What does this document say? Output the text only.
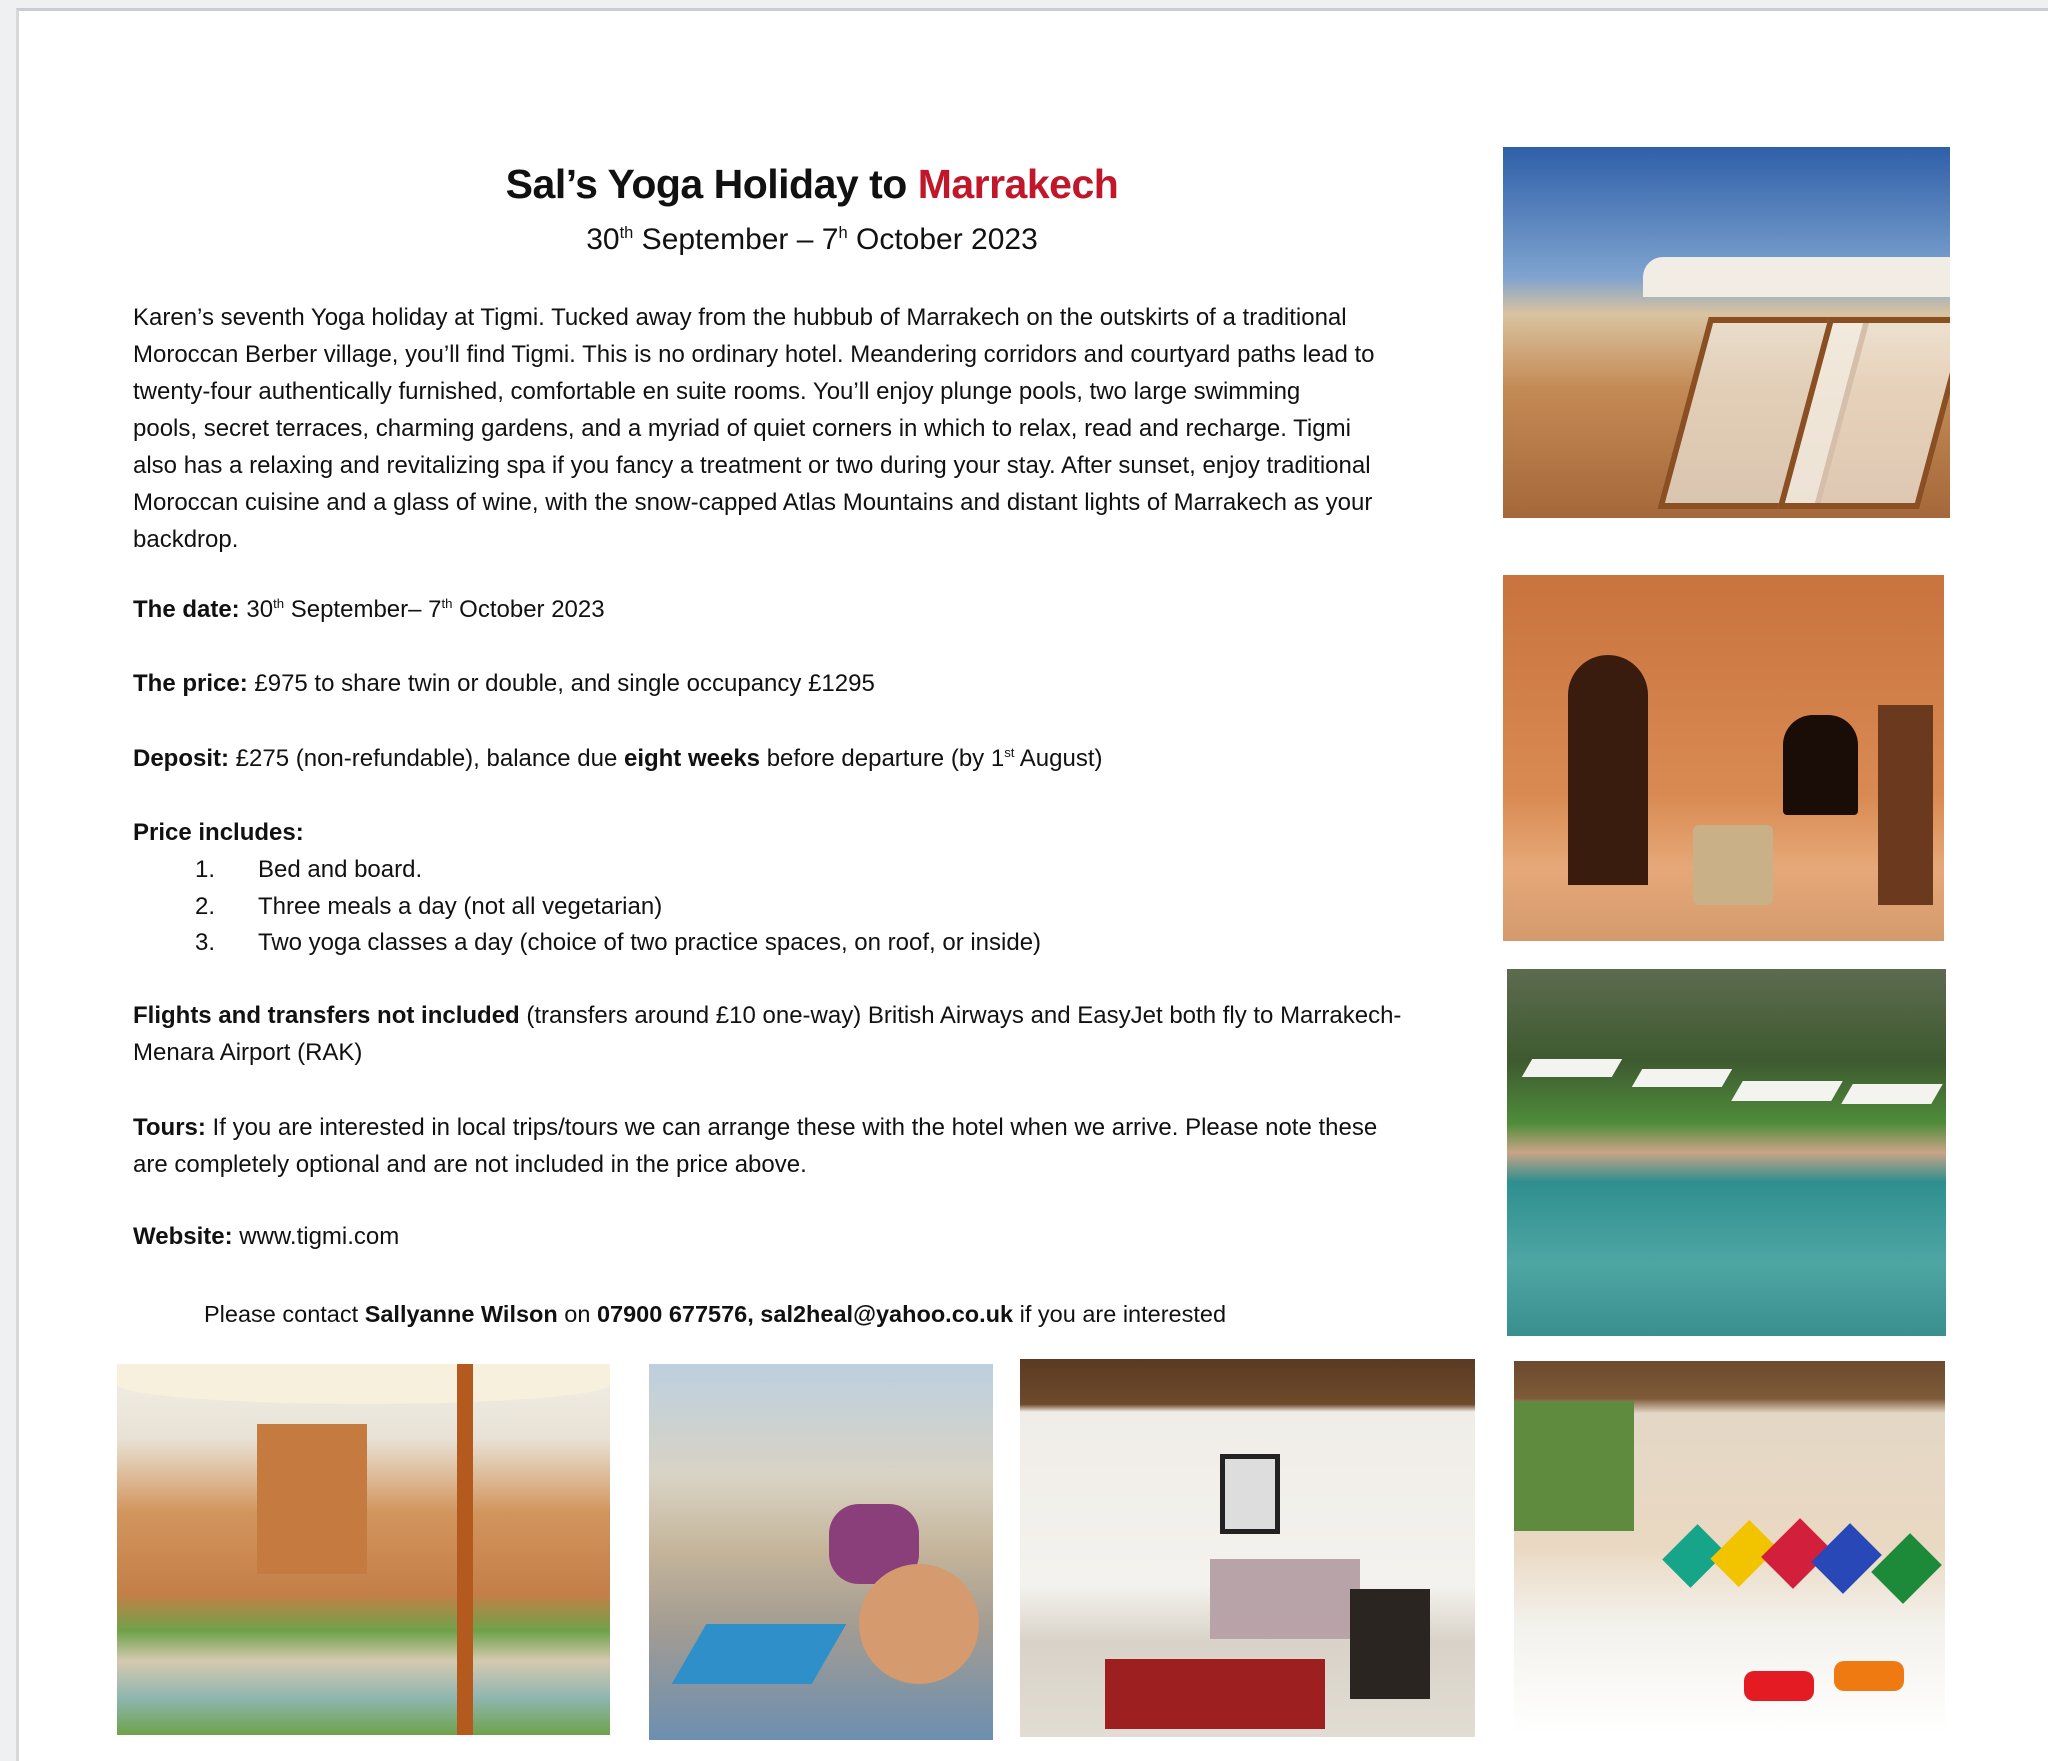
Sal’s Yoga Holiday to Marrakech
30th September – 7$^h$ October 2023
Karen’s seventh Yoga holiday at Tigmi. Tucked away from the hubbub of Marrakech on the outskirts of a traditional
Moroccan Berber village, you’ll find Tigmi. This is no ordinary hotel. Meandering corridors and courtyard paths lead to
twenty-four authentically furnished, comfortable en suite rooms. You’ll enjoy plunge pools, two large swimming
pools, secret terraces, charming gardens, and a myriad of quiet corners in which to relax, read and recharge. Tigmi
also has a relaxing and revitalizing spa if you fancy a treatment or two during your stay. After sunset, enjoy traditional
Moroccan cuisine and a glass of wine, with the snow-capped Atlas Mountains and distant lights of Marrakech as your
backdrop.
The date: 30th September– 7th October 2023
The price: £975 to share twin or double, and single occupancy £1295
Deposit: £275 (non-refundable), balance due eight weeks before departure (by 1st August)
Price includes:
1. Bed and board.
2. Three meals a day (not all vegetarian)
3. Two yoga classes a day (choice of two practice spaces, on roof, or inside)
Flights and transfers not included (transfers around £10 one-way) British Airways and EasyJet both fly to Marrakech-
Menara Airport (RAK)
Tours: If you are interested in local trips/tours we can arrange these with the hotel when we arrive. Please note these
are completely optional and are not included in the price above.
Website: www.tigmi.com
Please contact Sallyanne Wilson on 07900 677576, sal2heal@yahoo.co.uk if you are interested
